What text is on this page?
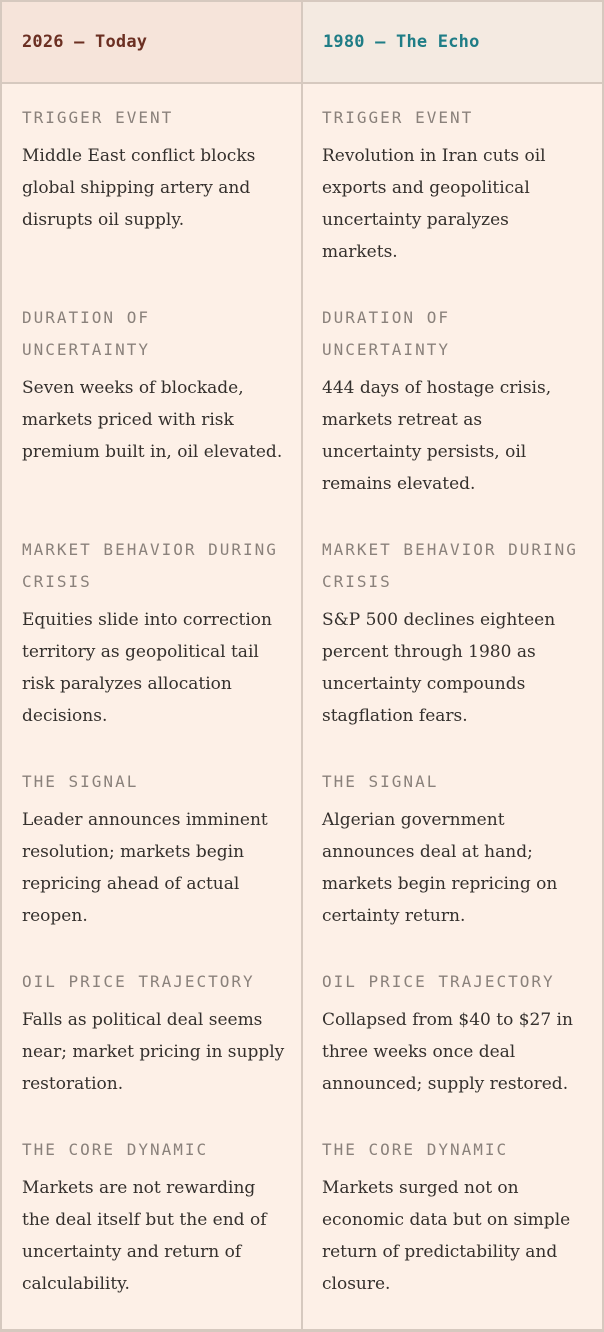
2026 — Today	1980 — The Echo
TRIGGER EVENT
Middle East conflict blocks global shipping artery and disrupts oil supply.
DURATION OF UNCERTAINTY
Seven weeks of blockade, markets priced with risk premium built in, oil elevated.
MARKET BEHAVIOR DURING CRISIS
Equities slide into correction territory as geopolitical tail risk paralyzes allocation decisions.
THE SIGNAL
Leader announces imminent resolution; markets begin repricing ahead of actual reopen.
OIL PRICE TRAJECTORY
Falls as political deal seems near; market pricing in supply restoration.
THE CORE DYNAMIC
Markets are not rewarding the deal itself but the end of uncertainty and return of calculability.
TRIGGER EVENT
Revolution in Iran cuts oil exports and geopolitical uncertainty paralyzes markets.
DURATION OF UNCERTAINTY
444 days of hostage crisis, markets retreat as uncertainty persists, oil remains elevated.
MARKET BEHAVIOR DURING CRISIS
S&P 500 declines eighteen percent through 1980 as uncertainty compounds stagflation fears.
THE SIGNAL
Algerian government announces deal at hand; markets begin repricing on certainty return.
OIL PRICE TRAJECTORY
Collapsed from $40 to $27 in three weeks once deal announced; supply restored.
THE CORE DYNAMIC
Markets surged not on economic data but on simple return of predictability and closure.
